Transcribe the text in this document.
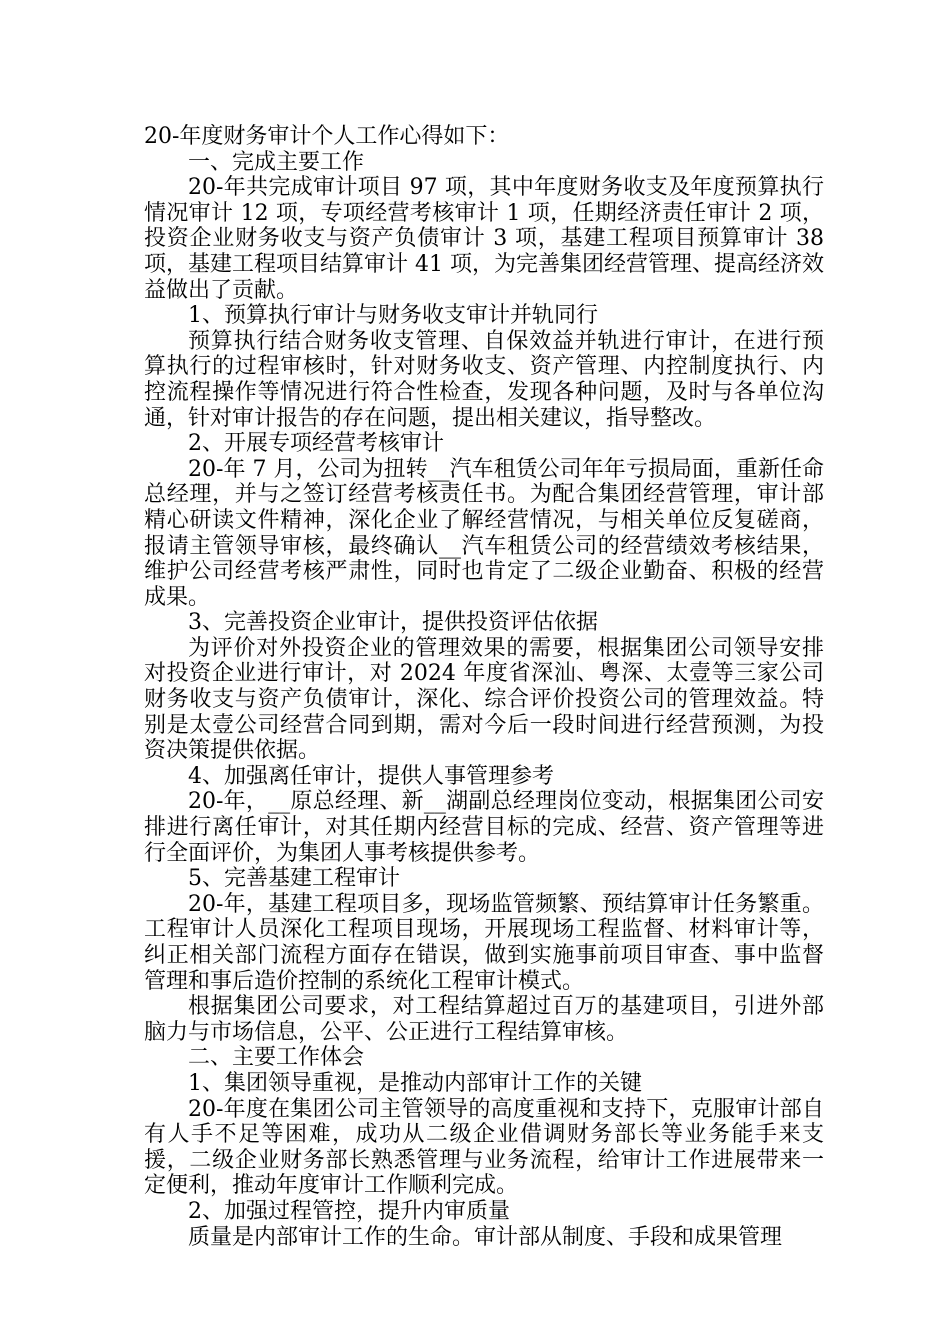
20-年度财务审计个人工作心得如下：

一、完成主要工作

20-年共完成审计项目 97 项，其中年度财务收支及年度预算执行情况审计 12 项，专项经营考核审计 1 项，任期经济责任审计 2 项，投资企业财务收支与资产负债审计 3 项，基建工程项目预算审计 38 项，基建工程项目结算审计 41 项，为完善集团经营管理、提高经济效益做出了贡献。

1、预算执行审计与财务收支审计并轨同行

预算执行结合财务收支管理、自保效益并轨进行审计，在进行预算执行的过程审核时，针对财务收支、资产管理、内控制度执行、内控流程操作等情况进行符合性检查，发现各种问题，及时与各单位沟通，针对审计报告的存在问题，提出相关建议，指导整改。

2、开展专项经营考核审计

20-年 7 月，公司为扭转__汽车租赁公司年年亏损局面，重新任命总经理，并与之签订经营考核责任书。为配合集团经营管理，审计部精心研读文件精神，深化企业了解经营情况，与相关单位反复磋商，报请主管领导审核，最终确认__汽车租赁公司的经营绩效考核结果，维护公司经营考核严肃性，同时也肯定了二级企业勤奋、积极的经营成果。

3、完善投资企业审计，提供投资评估依据

为评价对外投资企业的管理效果的需要，根据集团公司领导安排对投资企业进行审计，对 2024 年度省深汕、粤深、太壹等三家公司财务收支与资产负债审计，深化、综合评价投资公司的管理效益。特别是太壹公司经营合同到期，需对今后一段时间进行经营预测，为投资决策提供依据。

4、加强离任审计，提供人事管理参考

20-年，__原总经理、新__湖副总经理岗位变动，根据集团公司安排进行离任审计，对其任期内经营目标的完成、经营、资产管理等进行全面评价，为集团人事考核提供参考。

5、完善基建工程审计

20-年，基建工程项目多，现场监管频繁、预结算审计任务繁重。工程审计人员深化工程项目现场，开展现场工程监督、材料审计等，纠正相关部门流程方面存在错误，做到实施事前项目审查、事中监督管理和事后造价控制的系统化工程审计模式。

根据集团公司要求，对工程结算超过百万的基建项目，引进外部脑力与市场信息，公平、公正进行工程结算审核。

二、主要工作体会

1、集团领导重视，是推动内部审计工作的关键

20-年度在集团公司主管领导的高度重视和支持下，克服审计部自有人手不足等困难，成功从二级企业借调财务部长等业务能手来支援，二级企业财务部长熟悉管理与业务流程，给审计工作进展带来一定便利，推动年度审计工作顺利完成。

2、加强过程管控，提升内审质量

质量是内部审计工作的生命。审计部从制度、手段和成果管理
